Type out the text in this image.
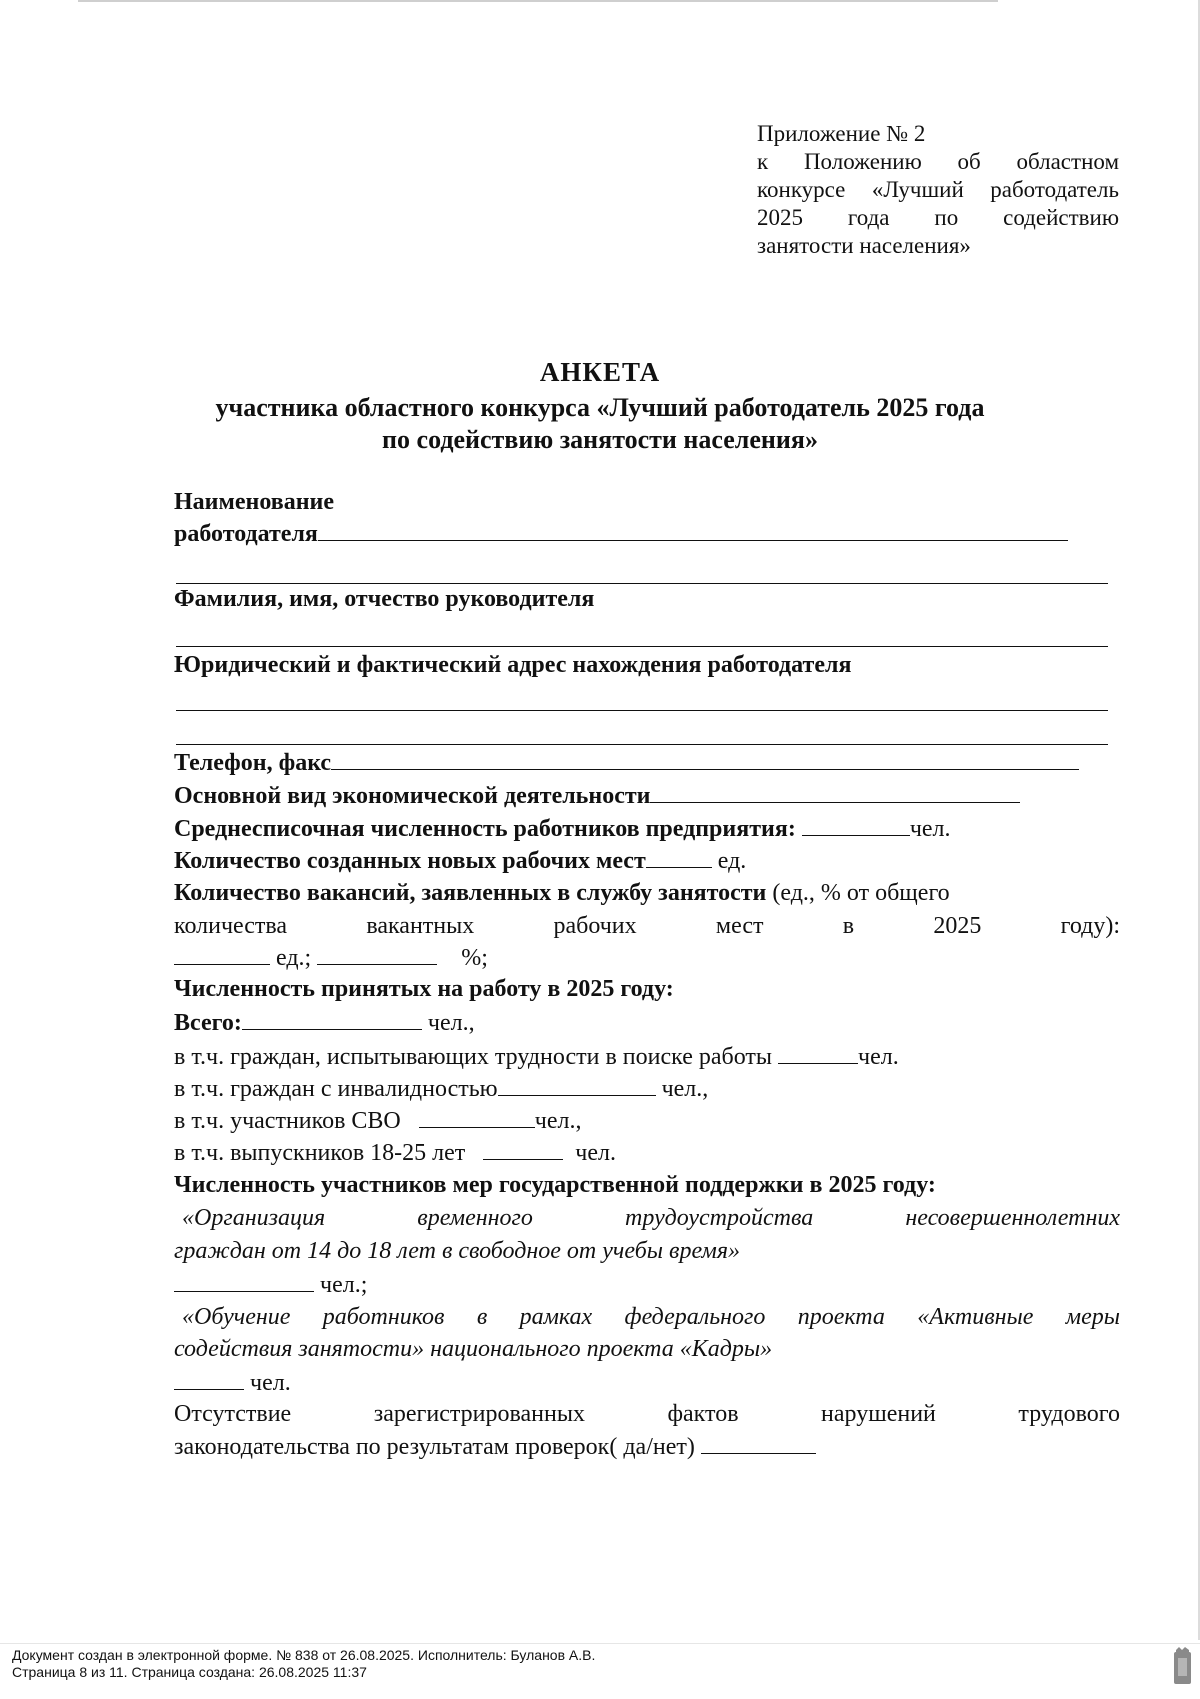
Приложение № 2
к Положению об областном
конкурсе «Лучший работодатель
2025 года по содействию
занятости населения»
АНКЕТА
участника областного конкурса «Лучший работодатель 2025 года
по содействию занятости населения»
Наименование
работодателя
Фамилия, имя, отчество руководителя
Юридический и фактический адрес нахождения работодателя
Телефон, факс
Основной вид экономической деятельности
Среднесписочная численность работников предприятия:	чел.
Количество созданных новых рабочих мест	ед.
Количество вакансий, заявленных в службу занятости (ед., % от общего
количества вакантных рабочих мест в 2025 году):
ед.;	%;
Численность принятых на работу в 2025 году:
Всего:	чел.,
в т.ч. граждан, испытывающих трудности в поиске работы	чел.
в т.ч. граждан с инвалидностью	чел.,
в т.ч. участников СВО	чел.,
в т.ч. выпускников 18-25 лет	чел.
Численность участников мер государственной поддержки в 2025 году:
«Организация временного трудоустройства несовершеннолетних
граждан от 14 до 18 лет в свободное от учебы время»
чел.;
«Обучение работников в рамках федерального проекта «Активные меры
содействия занятости» национального проекта «Кадры»
чел.
Отсутствие зарегистрированных фактов нарушений трудового
законодательства по результатам проверок( да/нет)
Документ создан в электронной форме. № 838 от 26.08.2025. Исполнитель: Буланов А.В.
Страница 8 из 11. Страница создана: 26.08.2025 11:37
